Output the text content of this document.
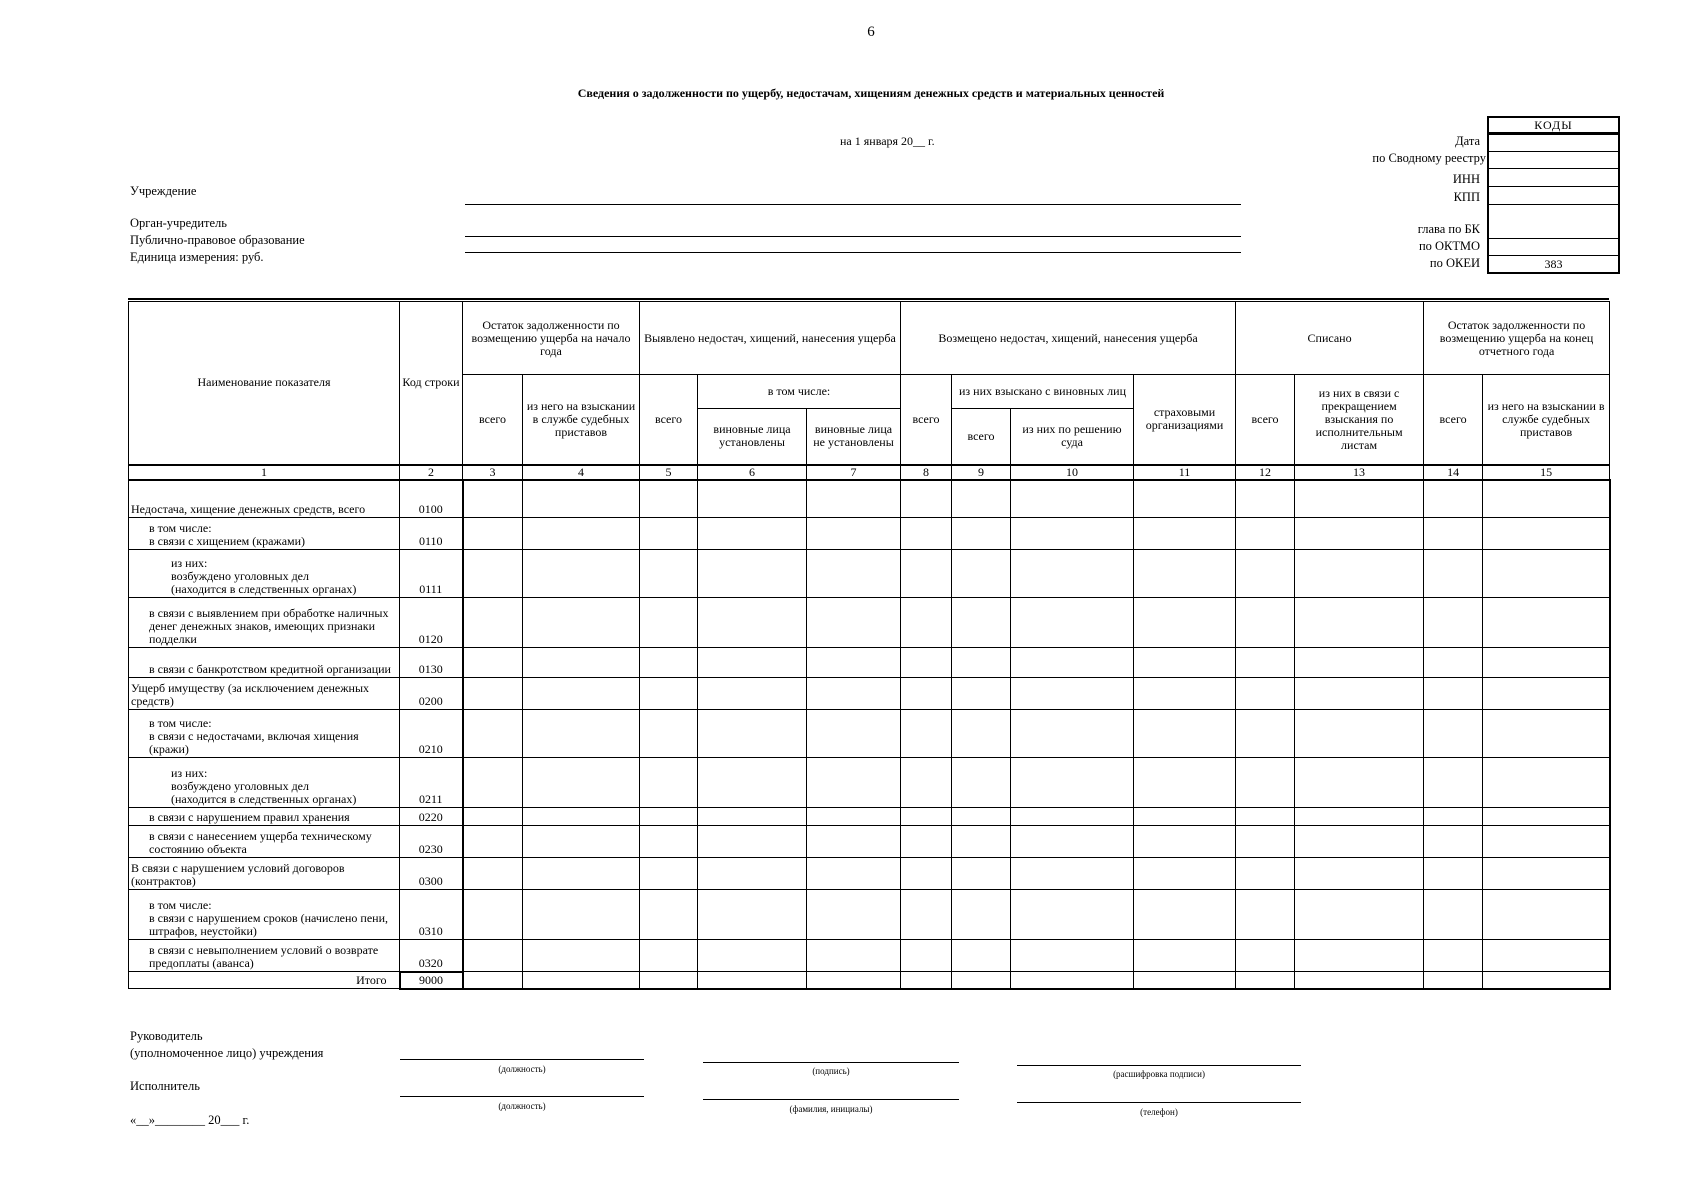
6
Сведения о задолженности по ущербу, недостачам, хищениям денежных средств и материальных ценностей
на 1 января 20__ г.
Учреждение
Орган-учредитель
Публично-правовое образование
Единица измерения: руб.
КОДЫ
383
Дата
по Сводному реестру
ИНН
КПП
глава по БК
по ОКТМО
по ОКЕИ
Наименование показателя	Код строки	Остаток задолженности по возмещению ущерба на начало года		Выявлено недостач, хищений, нанесения ущерба			Возмещено недостач, хищений, нанесения ущерба				Списано		Остаток задолженности по возмещению ущерба на конец отчетного года	
		всего	из него на взыскании в службе судебных приставов	всего	в том числе:		всего	из них взыскано с виновных лиц		страховыми организациями	всего	из них в связи с прекращением взыскания по исполнительным листам	всего	из него на взыскании в службе судебных приставов
					виновные лица установлены	виновные лица не установлены		всего	из них по решению суда					
1	2	3	4	5	6	7	8	9	10	11	12	13	14	15
Недостача, хищение денежных средств, всего	0100													
в том числе:
в связи с хищением (кражами)	0110													
из них:
возбуждено уголовных дел
(находится в следственных органах)	0111													
в связи с выявлением при обработке наличных денег денежных знаков, имеющих признаки подделки	0120													
в связи с банкротством кредитной организации	0130													
Ущерб имуществу (за исключением денежных средств)	0200													
в том числе:
в связи с недостачами, включая хищения (кражи)	0210													
из них:
возбуждено уголовных дел
(находится в следственных органах)	0211													
в связи с нарушением правил хранения	0220													
в связи с нанесением ущерба техническому состоянию объекта	0230													
В связи с нарушением условий договоров (контрактов)	0300													
в том числе:
в связи с нарушением сроков (начислено пени, штрафов, неустойки)	0310													
в связи с невыполнением условий о возврате предоплаты (аванса)	0320													
Итого	9000													
Руководитель
(уполномоченное лицо) учреждения
(должность)	(подпись)	(расшифровка подписи)
Исполнитель
(должность)	(фамилия, инициалы)	(телефон)
«__»________ 20___ г.
